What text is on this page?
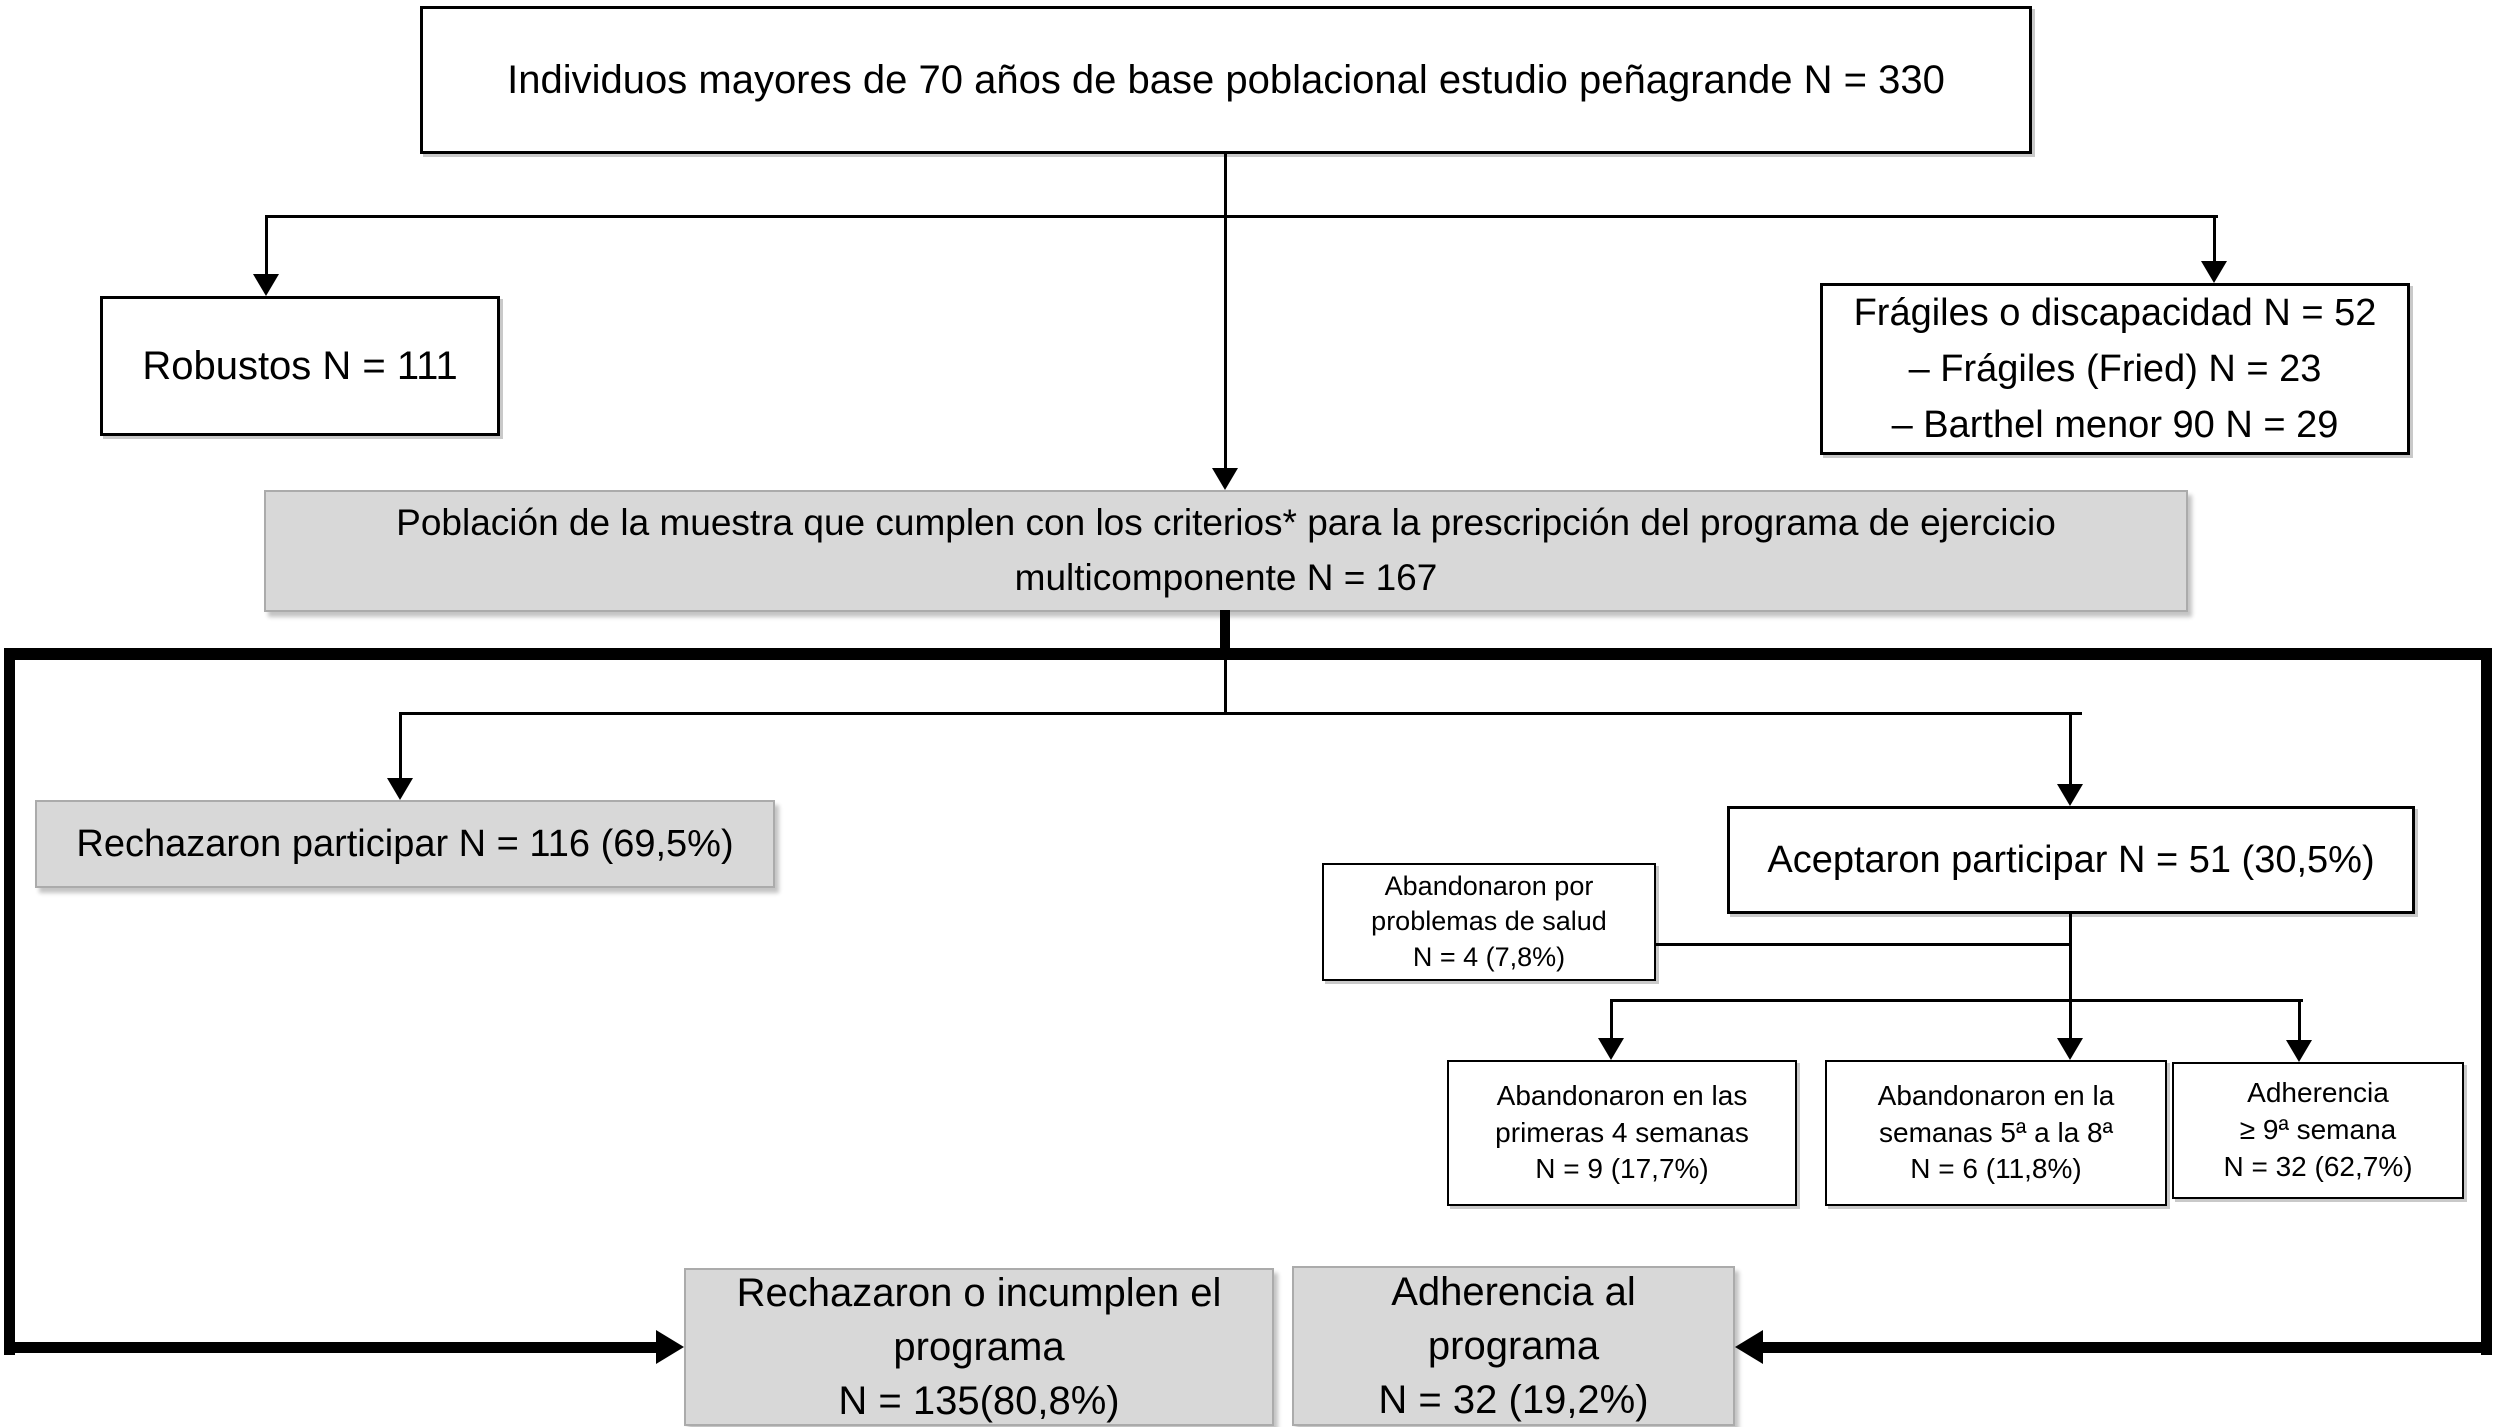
Individuos mayores de 70 años de base poblacional estudio peñagrande N = 330
Robustos N = 111
Frágiles o discapacidad N = 52
– Frágiles (Fried) N = 23
– Barthel menor 90 N = 29
Población de la muestra que cumplen con los criterios* para la prescripción del programa de ejercicio
multicomponente N = 167
Rechazaron participar N = 116 (69,5%)	Aceptaron participar N = 51 (30,5%)
Abandonaron por
problemas de salud
N = 4 (7,8%)
Abandonaron en las
primeras 4 semanas
N = 9 (17,7%)
Abandonaron en la
semanas 5ª a la 8ª
N = 6 (11,8%)
Adherencia
≥ 9ª semana
N = 32 (62,7%)
Rechazaron o incumplen el
programa
N = 135(80,8%)
Adherencia al
programa
N = 32 (19,2%)
